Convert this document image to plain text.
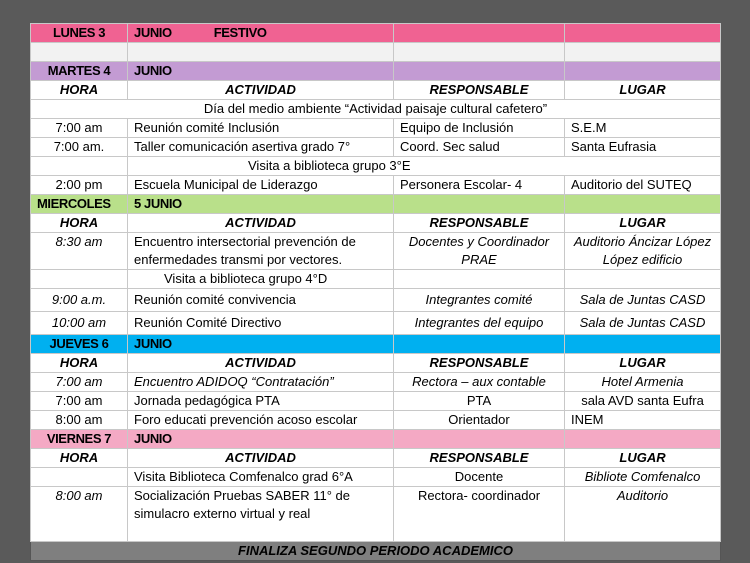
LUNES 3	JUNIO FESTIVO		

MARTES 4	JUNIO		
HORA	ACTIVIDAD	RESPONSABLE	LUGAR
Día del medio ambiente “Actividad paisaje cultural cafetero”			
7:00 am	Reunión comité Inclusión	Equipo de Inclusión	S.E.M
7:00 am.	Taller comunicación asertiva grado 7°	Coord. Sec salud	Santa Eufrasia
	Visita a biblioteca grupo 3°E		
2:00 pm	Escuela Municipal de Liderazgo	Personera Escolar- 4	Auditorio del SUTEQ
MIERCOLES	5 JUNIO		
HORA	ACTIVIDAD	RESPONSABLE	LUGAR
8:30 am	Encuentro intersectorial prevención de enfermedades transmi por vectores.	Docentes y Coordinador PRAE	Auditorio Áncizar López López edificio
	Visita a biblioteca grupo 4°D		
9:00 a.m.	Reunión comité convivencia	Integrantes comité	Sala de Juntas CASD
10:00 am	Reunión Comité Directivo	Integrantes del equipo	Sala de Juntas CASD
JUEVES 6	JUNIO		
HORA	ACTIVIDAD	RESPONSABLE	LUGAR
7:00 am	Encuentro ADIDOQ “Contratación”	Rectora – aux contable	Hotel Armenia
7:00 am	Jornada pedagógica PTA	PTA	sala AVD santa Eufra
8:00 am	Foro educati prevención acoso escolar	Orientador	INEM
VIERNES 7	JUNIO		
HORA	ACTIVIDAD	RESPONSABLE	LUGAR
	Visita Biblioteca Comfenalco grad 6°A	Docente	Bibliote Comfenalco
8:00 am	Socialización Pruebas SABER 11° de simulacro externo virtual y real	Rectora- coordinador	Auditorio
FINALIZA SEGUNDO PERIODO ACADEMICO			
